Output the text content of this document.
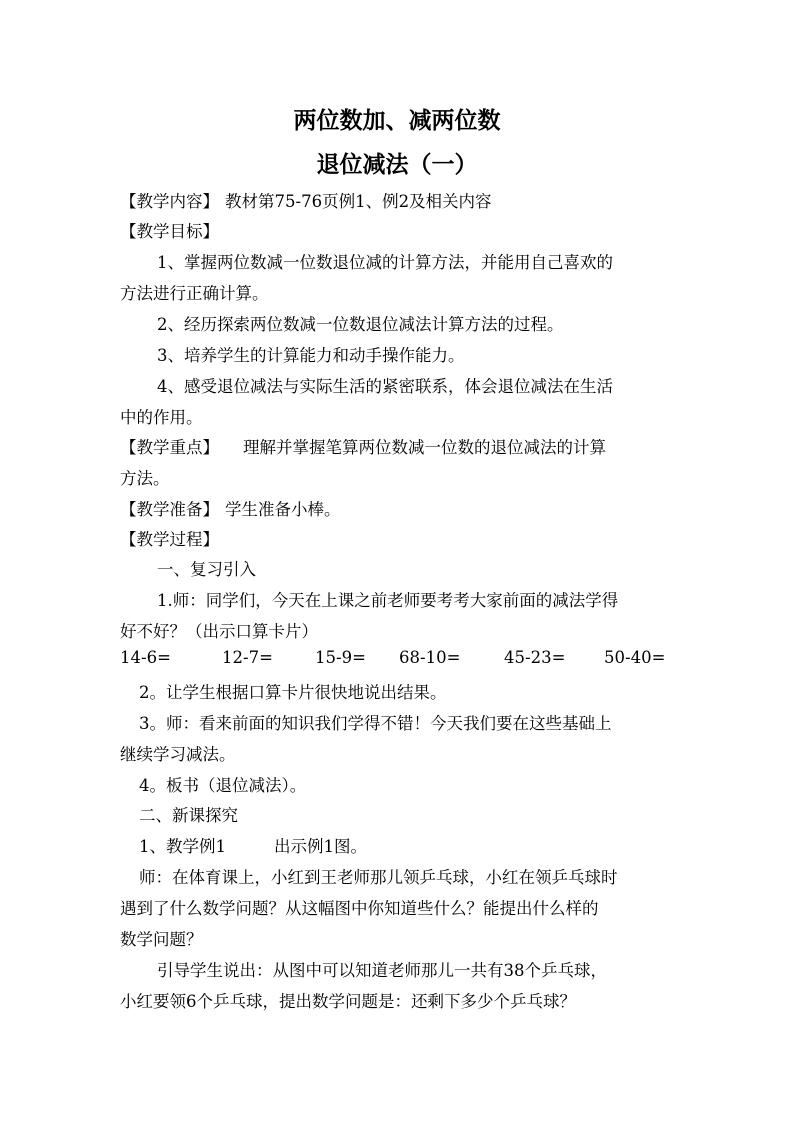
两位数加、减两位数
退位减法（一）
【教学内容】 教材第75-76页例1、例2及相关内容
【教学目标】
1、掌握两位数减一位数退位减的计算方法，并能用自己喜欢的
方法进行正确计算。
2、经历探索两位数减一位数退位减法计算方法的过程。
3、培养学生的计算能力和动手操作能力。
4、感受退位减法与实际生活的紧密联系，体会退位减法在生活
中的作用。
【教学重点】 理解并掌握笔算两位数减一位数的退位减法的计算
方法。
【教学准备】 学生准备小棒。
【教学过程】
一、复习引入
1.师：同学们，今天在上课之前老师要考考大家前面的减法学得
好不好？（出示口算卡片）
14-6=	12-7=	15-9= 68-10=	45-23= 50-40=
2。让学生根据口算卡片很快地说出结果。
3。师：看来前面的知识我们学得不错！今天我们要在这些基础上
继续学习减法。
4。板书（退位减法）。
二、新课探究
1、教学例1	出示例1图。
师：在体育课上，小红到王老师那儿领乒乓球，小红在领乒乓球时
遇到了什么数学问题？从这幅图中你知道些什么？能提出什么样的
数学问题？
引导学生说出：从图中可以知道老师那儿一共有38个乒乓球，
小红要领6个乒乓球，提出数学问题是：还剩下多少个乒乓球？
